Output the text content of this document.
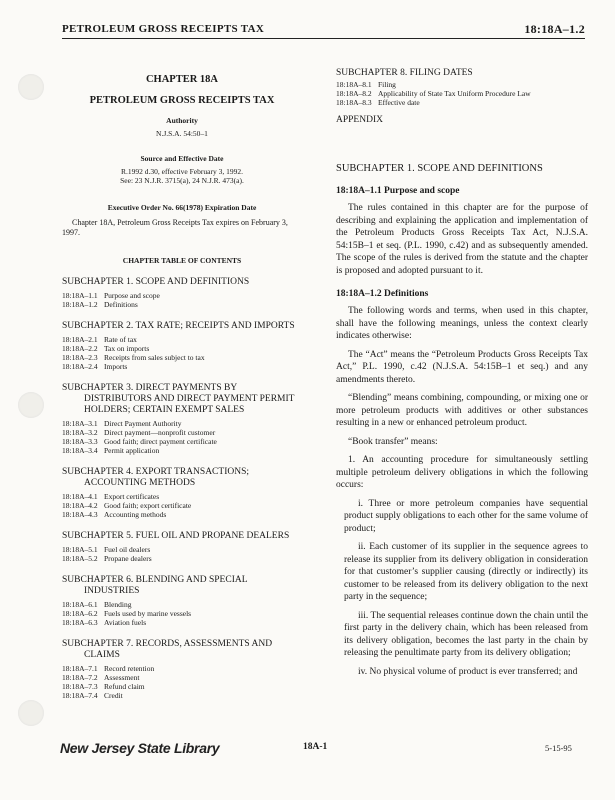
PETROLEUM GROSS RECEIPTS TAX	18:18A–1.2
CHAPTER 18A
PETROLEUM GROSS RECEIPTS TAX
Authority
N.J.S.A. 54:50–1
Source and Effective Date
R.1992 d.30, effective February 3, 1992.
See: 23 N.J.R. 3715(a), 24 N.J.R. 473(a).
Executive Order No. 66(1978) Expiration Date
Chapter 18A, Petroleum Gross Receipts Tax expires on February 3, 1997.
CHAPTER TABLE OF CONTENTS
SUBCHAPTER 1. SCOPE AND DEFINITIONS
18:18A–1.1 Purpose and scope
18:18A–1.2 Definitions
SUBCHAPTER 2. TAX RATE; RECEIPTS AND IMPORTS
18:18A–2.1 Rate of tax
18:18A–2.2 Tax on imports
18:18A–2.3 Receipts from sales subject to tax
18:18A–2.4 Imports
SUBCHAPTER 3. DIRECT PAYMENTS BY DISTRIBUTORS AND DIRECT PAYMENT PERMIT HOLDERS; CERTAIN EXEMPT SALES
18:18A–3.1 Direct Payment Authority
18:18A–3.2 Direct payment—nonprofit customer
18:18A–3.3 Good faith; direct payment certificate
18:18A–3.4 Permit application
SUBCHAPTER 4. EXPORT TRANSACTIONS; ACCOUNTING METHODS
18:18A–4.1 Export certificates
18:18A–4.2 Good faith; export certificate
18:18A–4.3 Accounting methods
SUBCHAPTER 5. FUEL OIL AND PROPANE DEALERS
18:18A–5.1 Fuel oil dealers
18:18A–5.2 Propane dealers
SUBCHAPTER 6. BLENDING AND SPECIAL INDUSTRIES
18:18A–6.1 Blending
18:18A–6.2 Fuels used by marine vessels
18:18A–6.3 Aviation fuels
SUBCHAPTER 7. RECORDS, ASSESSMENTS AND CLAIMS
18:18A–7.1 Record retention
18:18A–7.2 Assessment
18:18A–7.3 Refund claim
18:18A–7.4 Credit
SUBCHAPTER 8. FILING DATES
18:18A–8.1 Filing
18:18A–8.2 Applicability of State Tax Uniform Procedure Law
18:18A–8.3 Effective date
APPENDIX
SUBCHAPTER 1. SCOPE AND DEFINITIONS
18:18A–1.1 Purpose and scope
The rules contained in this chapter are for the purpose of describing and explaining the application and implementation of the Petroleum Products Gross Receipts Tax Act, N.J.S.A. 54:15B–1 et seq. (P.L. 1990, c.42) and as subsequently amended. The scope of the rules is derived from the statute and the chapter is proposed and adopted pursuant to it.
18:18A–1.2 Definitions
The following words and terms, when used in this chapter, shall have the following meanings, unless the context clearly indicates otherwise:
The “Act” means the “Petroleum Products Gross Receipts Tax Act,” P.L. 1990, c.42 (N.J.S.A. 54:15B–1 et seq.) and any amendments thereto.
“Blending” means combining, compounding, or mixing one or more petroleum products with additives or other substances resulting in a new or enhanced petroleum product.
“Book transfer” means:
1. An accounting procedure for simultaneously settling multiple petroleum delivery obligations in which the following occurs:
i. Three or more petroleum companies have sequential product supply obligations to each other for the same volume of product;
ii. Each customer of its supplier in the sequence agrees to release its supplier from its delivery obligation in consideration for that customer’s supplier causing (directly or indirectly) its customer to be released from its delivery obligation to the next party in the sequence;
iii. The sequential releases continue down the chain until the first party in the delivery chain, which has been released from its delivery obligation, becomes the last party in the chain by releasing the penultimate party from its delivery obligation;
iv. No physical volume of product is ever transferred; and
New Jersey State Library	18A-1	5-15-95
